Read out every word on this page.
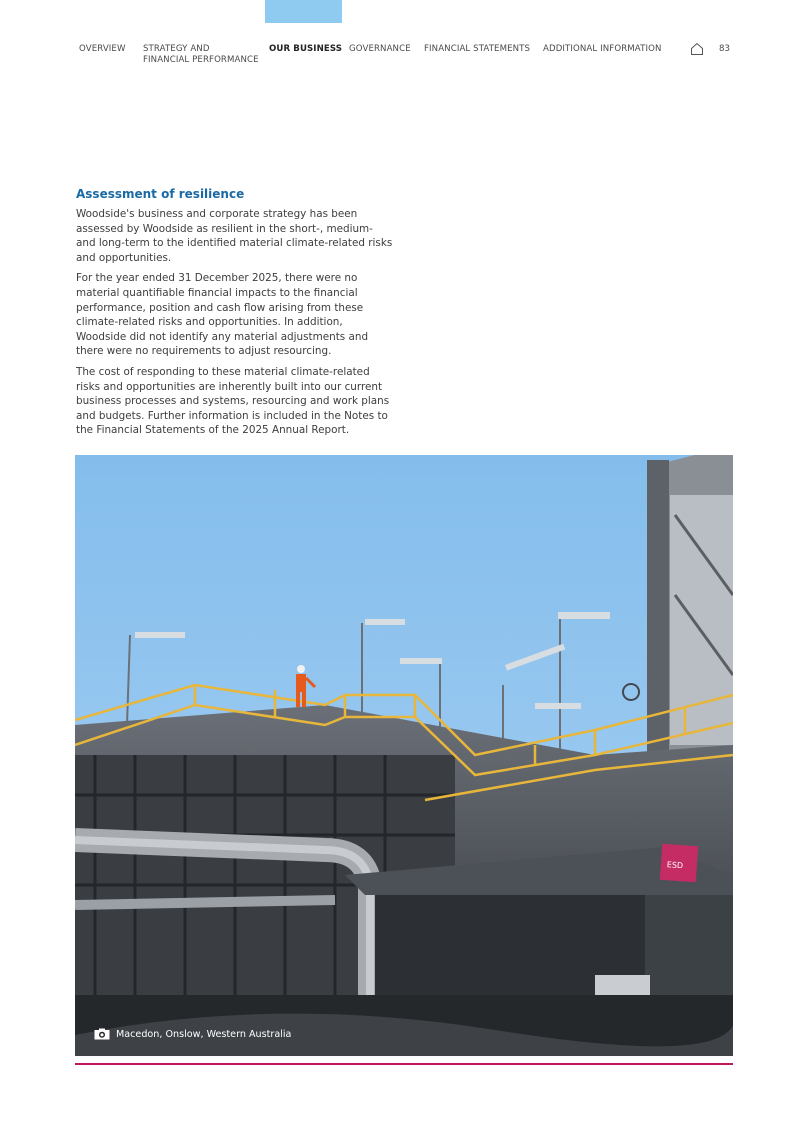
OVERVIEW STRATEGY AND
FINANCIAL PERFORMANCE
OUR BUSINESS GOVERNANCE FINANCIAL STATEMENTS ADDITIONAL INFORMATION	83
Assessment of resilience

Woodside's business and corporate strategy has been assessed by Woodside as resilient in the short-, medium- and long-term to the identified material climate-related risks and opportunities.

For the year ended 31 December 2025, there were no material quantifiable financial impacts to the financial performance, position and cash flow arising from these climate-related risks and opportunities. In addition, Woodside did not identify any material adjustments and there were no requirements to adjust resourcing.

The cost of responding to these material climate-related risks and opportunities are inherently built into our current business processes and systems, resourcing and work plans and budgets. Further information is included in the Notes to the Financial Statements of the 2025 Annual Report.

ESD
Macedon, Onslow, Western Australia
